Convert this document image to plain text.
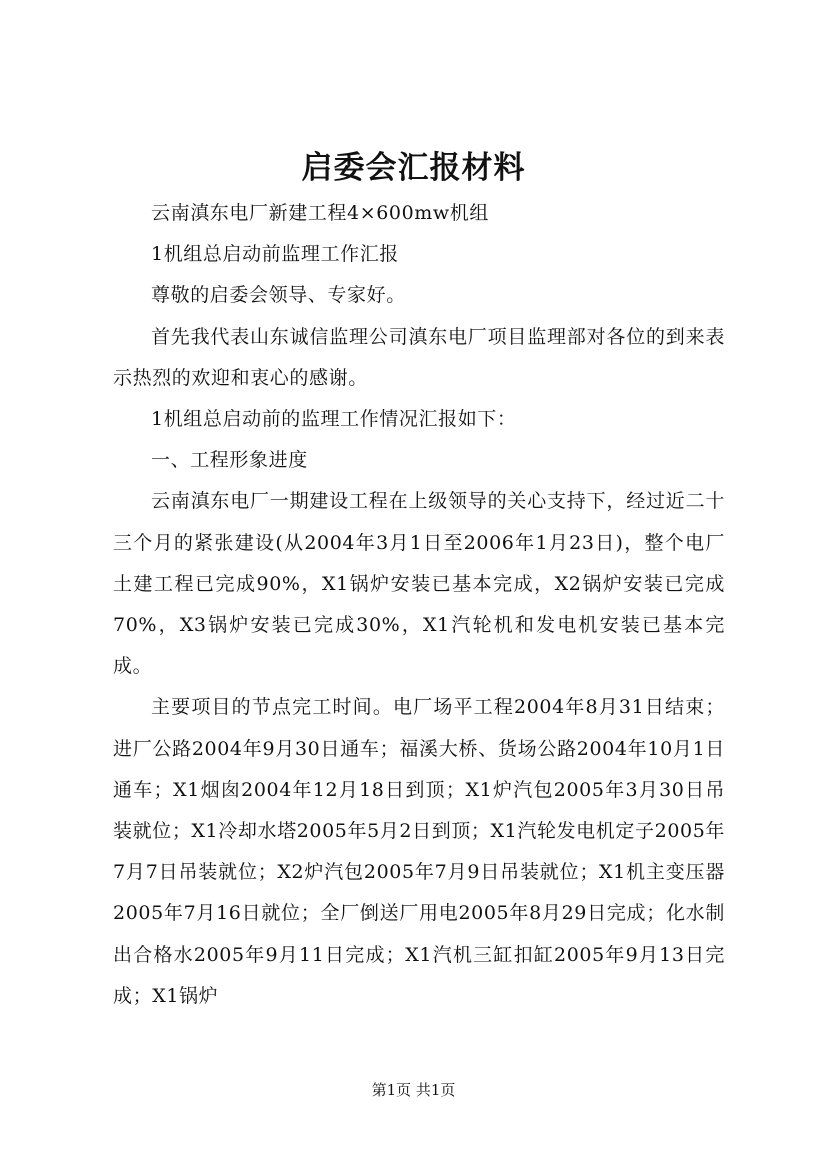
启委会汇报材料

云南滇东电厂新建工程4×600mw机组

1机组总启动前监理工作汇报

尊敬的启委会领导、专家好。

首先我代表山东诚信监理公司滇东电厂项目监理部对各位的到来表示热烈的欢迎和衷心的感谢。

1机组总启动前的监理工作情况汇报如下：

一、工程形象进度

云南滇东电厂一期建设工程在上级领导的关心支持下，经过近二十三个月的紧张建设(从2004年3月1日至2006年1月23日)，整个电厂土建工程已完成90%，X1锅炉安装已基本完成，X2锅炉安装已完成70%，X3锅炉安装已完成30%，X1汽轮机和发电机安装已基本完成。

主要项目的节点完工时间。电厂场平工程2004年8月31日结束；进厂公路2004年9月30日通车；福溪大桥、货场公路2004年10月1日通车；X1烟囱2004年12月18日到顶；X1炉汽包2005年3月30日吊装就位；X1冷却水塔2005年5月2日到顶；X1汽轮发电机定子2005年7月7日吊装就位；X2炉汽包2005年7月9日吊装就位；X1机主变压器2005年7月16日就位；全厂倒送厂用电2005年8月29日完成；化水制出合格水2005年9月11日完成；X1汽机三缸扣缸2005年9月13日完成；X1锅炉

第1页 共1页
